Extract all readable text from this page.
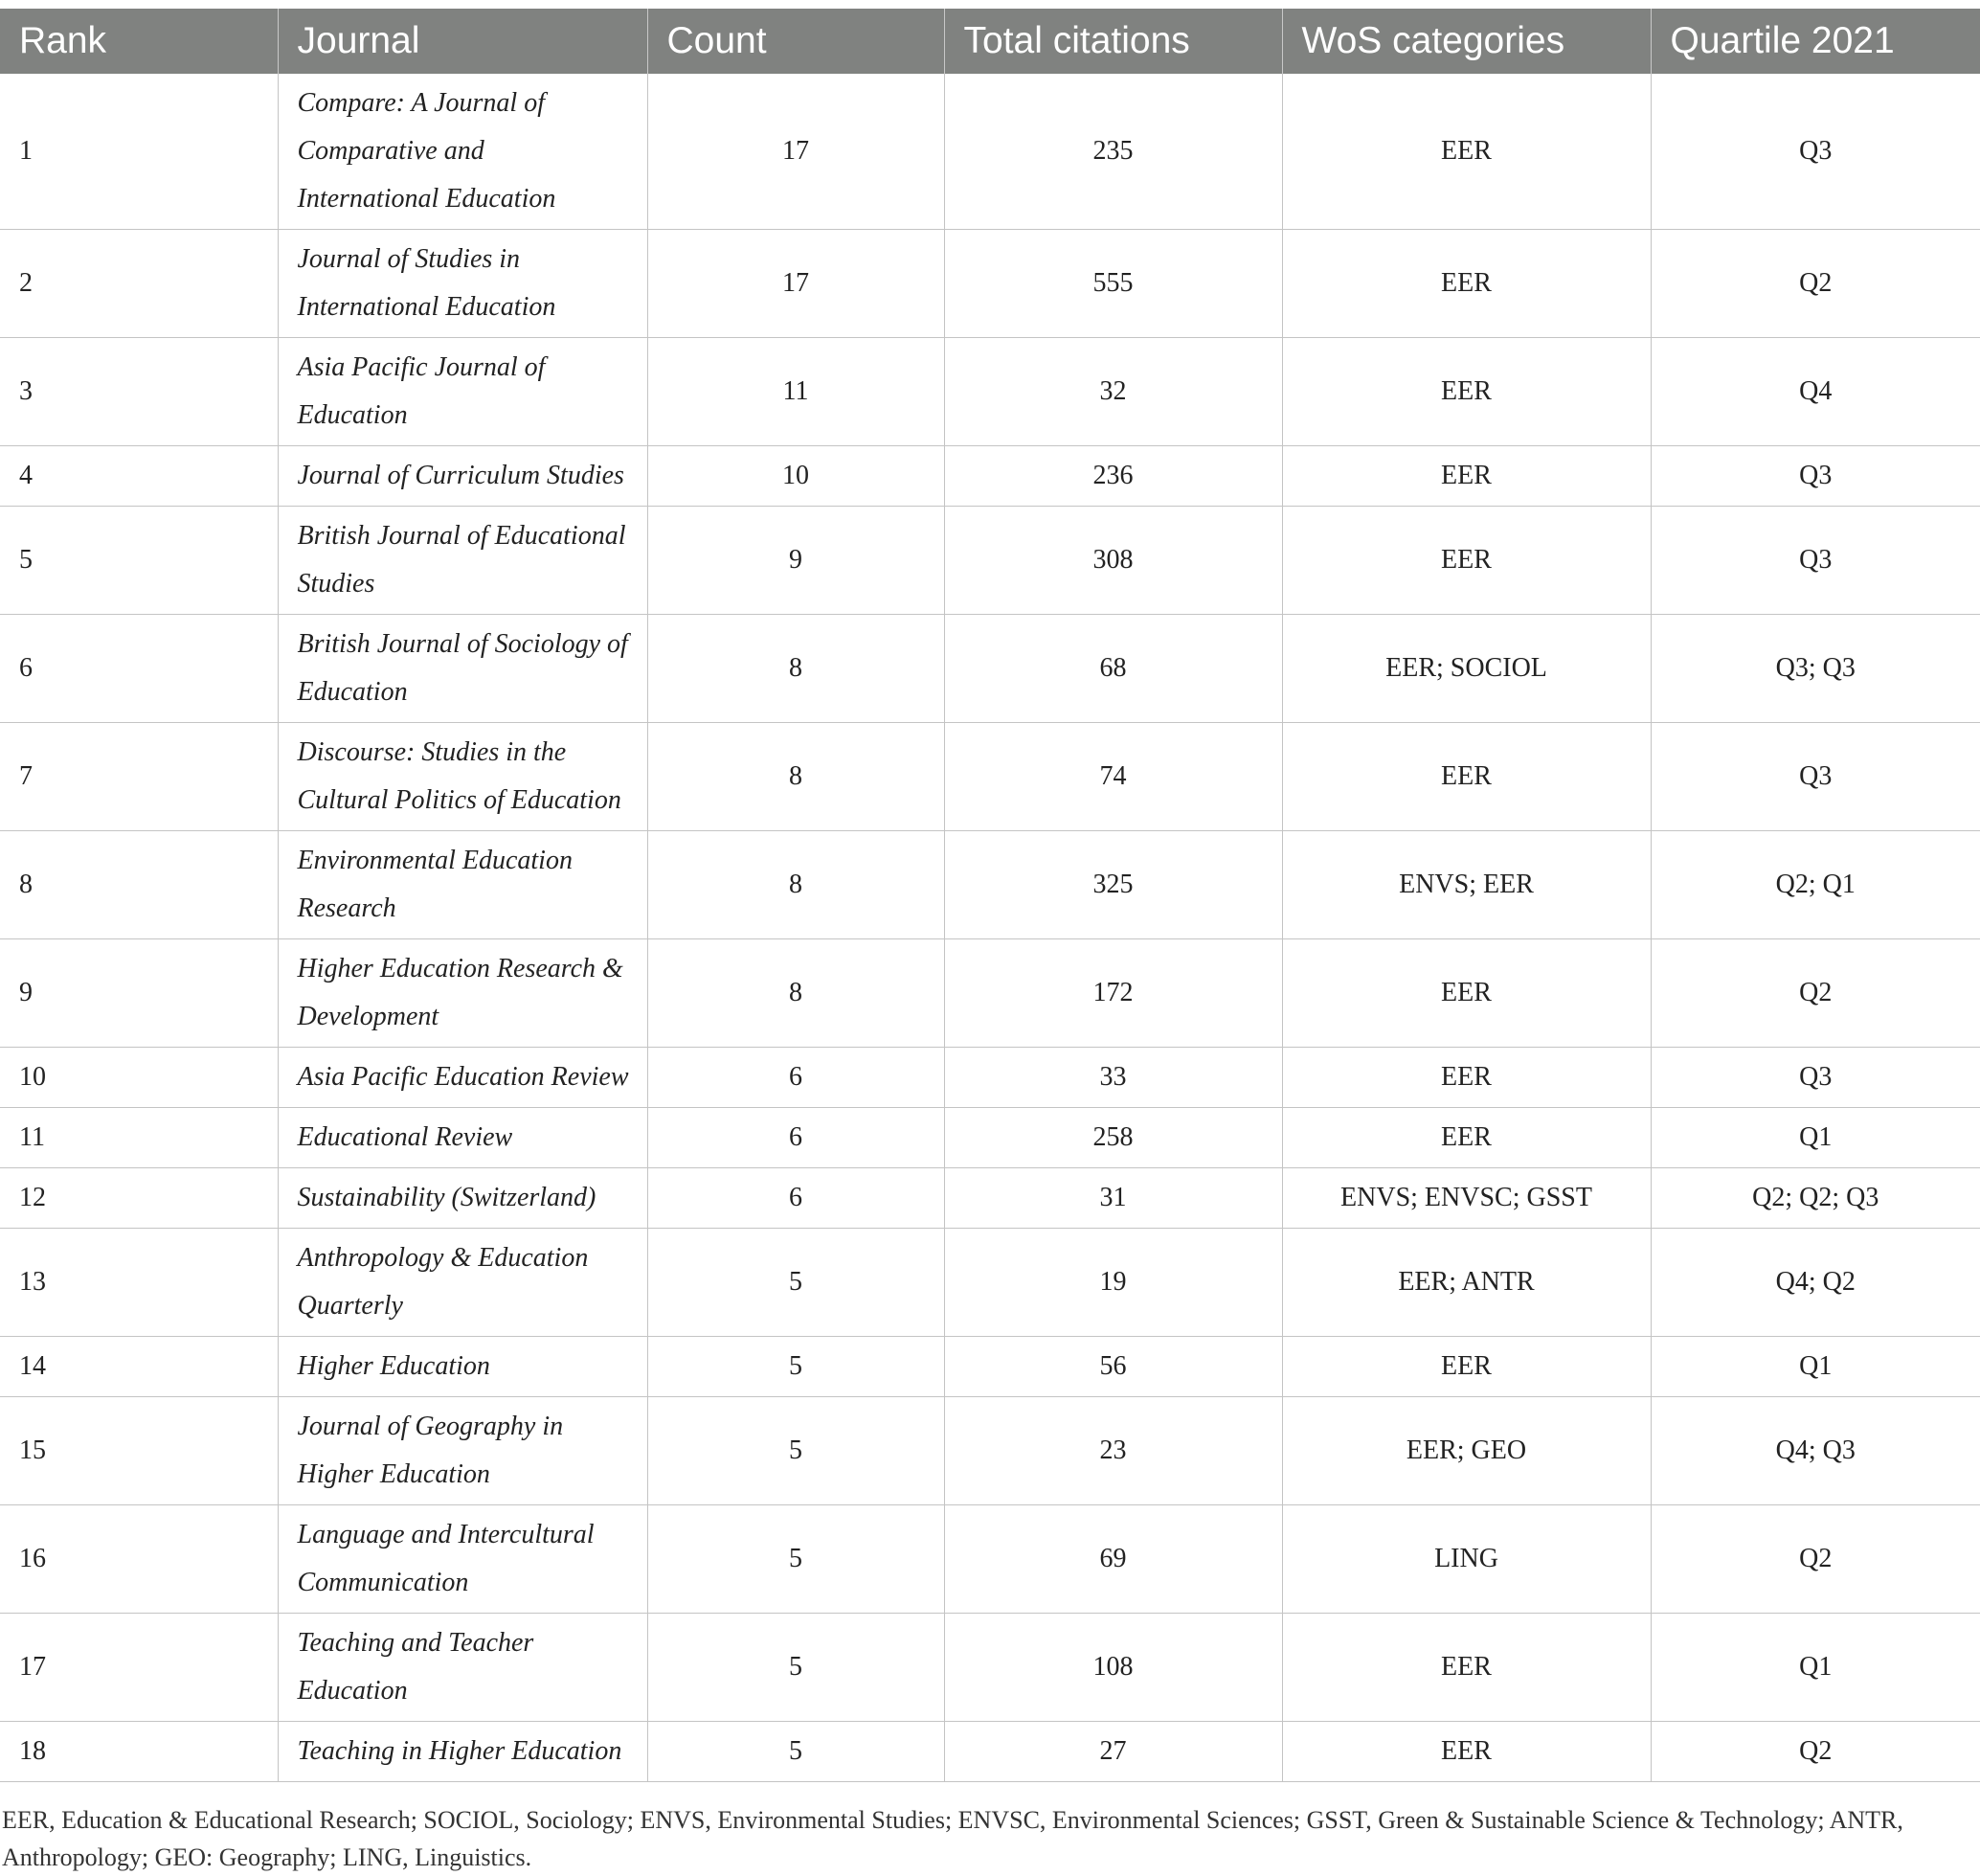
Rank	Journal	Count	Total citations	WoS categories	Quartile 2021
1	Compare: A Journal of Comparative and International Education	17	235	EER	Q3
2	Journal of Studies in International Education	17	555	EER	Q2
3	Asia Pacific Journal of Education	11	32	EER	Q4
4	Journal of Curriculum Studies	10	236	EER	Q3
5	British Journal of Educational Studies	9	308	EER	Q3
6	British Journal of Sociology of Education	8	68	EER; SOCIOL	Q3; Q3
7	Discourse: Studies in the Cultural Politics of Education	8	74	EER	Q3
8	Environmental Education Research	8	325	ENVS; EER	Q2; Q1
9	Higher Education Research & Development	8	172	EER	Q2
10	Asia Pacific Education Review	6	33	EER	Q3
11	Educational Review	6	258	EER	Q1
12	Sustainability (Switzerland)	6	31	ENVS; ENVSC; GSST	Q2; Q2; Q3
13	Anthropology & Education Quarterly	5	19	EER; ANTR	Q4; Q2
14	Higher Education	5	56	EER	Q1
15	Journal of Geography in Higher Education	5	23	EER; GEO	Q4; Q3
16	Language and Intercultural Communication	5	69	LING	Q2
17	Teaching and Teacher Education	5	108	EER	Q1
18	Teaching in Higher Education	5	27	EER	Q2
EER, Education & Educational Research; SOCIOL, Sociology; ENVS, Environmental Studies; ENVSC, Environmental Sciences; GSST, Green & Sustainable Science & Technology; ANTR, Anthropology; GEO: Geography; LING, Linguistics.
